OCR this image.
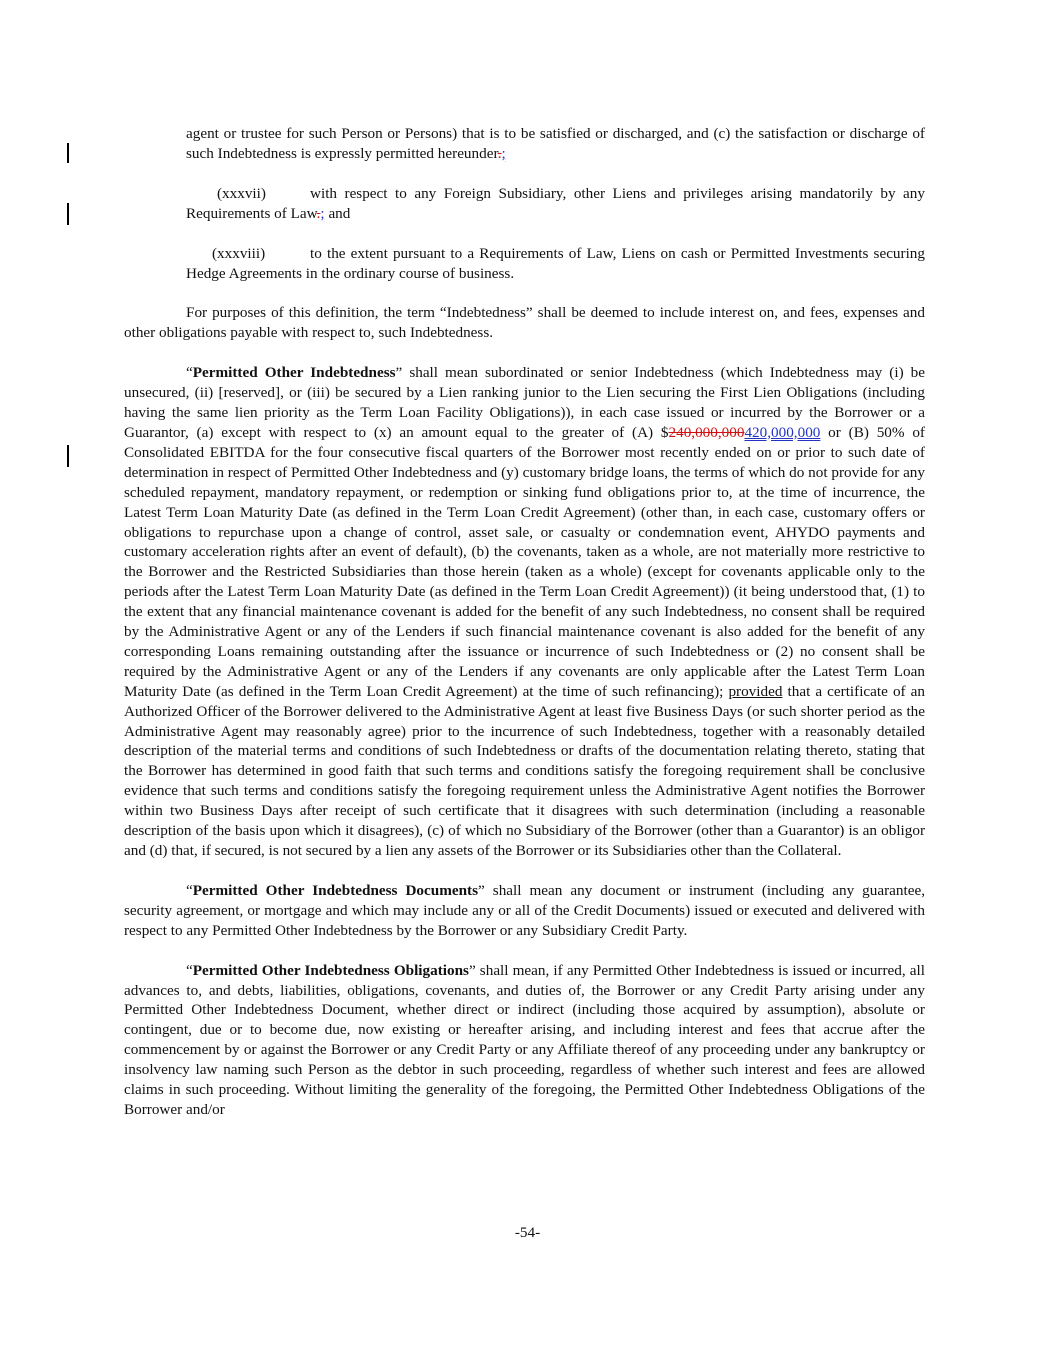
agent or trustee for such Person or Persons) that is to be satisfied or discharged, and (c) the satisfaction or discharge of such Indebtedness is expressly permitted hereunder.;

(xxxvii)	with respect to any Foreign Subsidiary, other Liens and privileges arising mandatorily by any Requirements of Law.; and

(xxxviii)	to the extent pursuant to a Requirements of Law, Liens on cash or Permitted Investments securing Hedge Agreements in the ordinary course of business.

For purposes of this definition, the term “Indebtedness” shall be deemed to include interest on, and fees, expenses and other obligations payable with respect to, such Indebtedness.

“Permitted Other Indebtedness” shall mean subordinated or senior Indebtedness (which Indebtedness may (i) be unsecured, (ii) [reserved], or (iii) be secured by a Lien ranking junior to the Lien securing the First Lien Obligations (including having the same lien priority as the Term Loan Facility Obligations)), in each case issued or incurred by the Borrower or a Guarantor, (a) except with respect to (x) an amount equal to the greater of (A) $240,000,000420,000,000 or (B) 50% of Consolidated EBITDA for the four consecutive fiscal quarters of the Borrower most recently ended on or prior to such date of determination in respect of Permitted Other Indebtedness and (y) customary bridge loans, the terms of which do not provide for any scheduled repayment, mandatory repayment, or redemption or sinking fund obligations prior to, at the time of incurrence, the Latest Term Loan Maturity Date (as defined in the Term Loan Credit Agreement) (other than, in each case, customary offers or obligations to repurchase upon a change of control, asset sale, or casualty or condemnation event, AHYDO payments and customary acceleration rights after an event of default), (b) the covenants, taken as a whole, are not materially more restrictive to the Borrower and the Restricted Subsidiaries than those herein (taken as a whole) (except for covenants applicable only to the periods after the Latest Term Loan Maturity Date (as defined in the Term Loan Credit Agreement)) (it being understood that, (1) to the extent that any financial maintenance covenant is added for the benefit of any such Indebtedness, no consent shall be required by the Administrative Agent or any of the Lenders if such financial maintenance covenant is also added for the benefit of any corresponding Loans remaining outstanding after the issuance or incurrence of such Indebtedness or (2) no consent shall be required by the Administrative Agent or any of the Lenders if any covenants are only applicable after the Latest Term Loan Maturity Date (as defined in the Term Loan Credit Agreement) at the time of such refinancing); provided that a certificate of an Authorized Officer of the Borrower delivered to the Administrative Agent at least five Business Days (or such shorter period as the Administrative Agent may reasonably agree) prior to the incurrence of such Indebtedness, together with a reasonably detailed description of the material terms and conditions of such Indebtedness or drafts of the documentation relating thereto, stating that the Borrower has determined in good faith that such terms and conditions satisfy the foregoing requirement shall be conclusive evidence that such terms and conditions satisfy the foregoing requirement unless the Administrative Agent notifies the Borrower within two Business Days after receipt of such certificate that it disagrees with such determination (including a reasonable description of the basis upon which it disagrees), (c) of which no Subsidiary of the Borrower (other than a Guarantor) is an obligor and (d) that, if secured, is not secured by a lien any assets of the Borrower or its Subsidiaries other than the Collateral.

“Permitted Other Indebtedness Documents” shall mean any document or instrument (including any guarantee, security agreement, or mortgage and which may include any or all of the Credit Documents) issued or executed and delivered with respect to any Permitted Other Indebtedness by the Borrower or any Subsidiary Credit Party.

“Permitted Other Indebtedness Obligations” shall mean, if any Permitted Other Indebtedness is issued or incurred, all advances to, and debts, liabilities, obligations, covenants, and duties of, the Borrower or any Credit Party arising under any Permitted Other Indebtedness Document, whether direct or indirect (including those acquired by assumption), absolute or contingent, due or to become due, now existing or hereafter arising, and including interest and fees that accrue after the commencement by or against the Borrower or any Credit Party or any Affiliate thereof of any proceeding under any bankruptcy or insolvency law naming such Person as the debtor in such proceeding, regardless of whether such interest and fees are allowed claims in such proceeding. Without limiting the generality of the foregoing, the Permitted Other Indebtedness Obligations of the Borrower and/or

-54-
